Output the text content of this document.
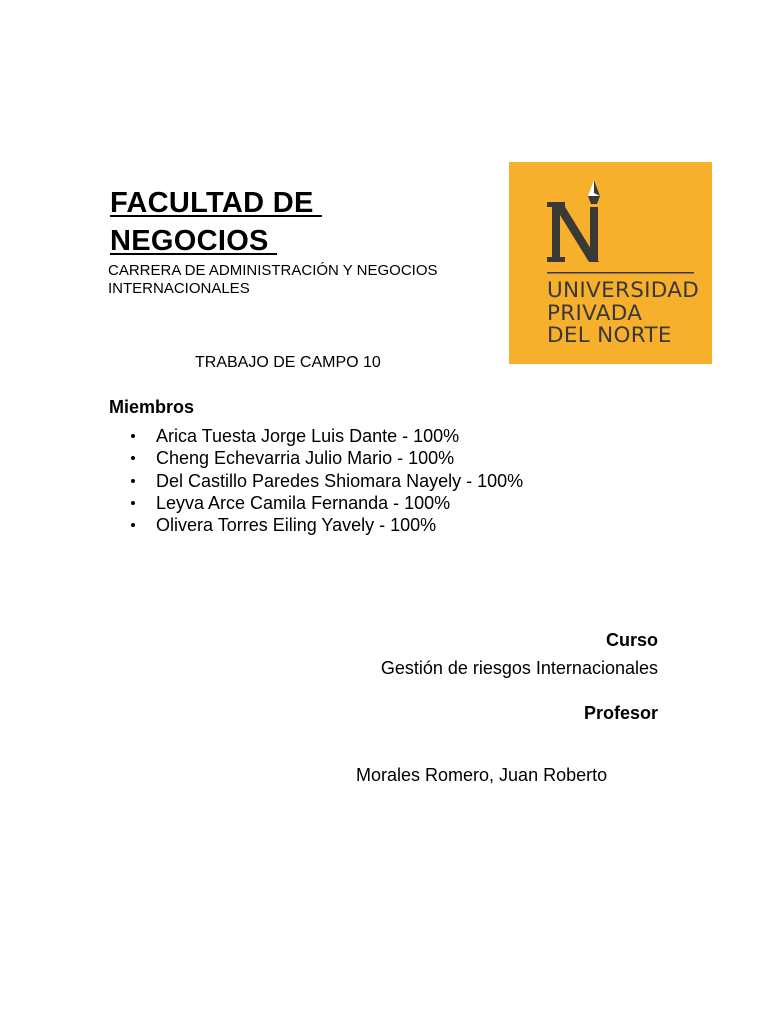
FACULTAD DE
NEGOCIOS
CARRERA DE ADMINISTRACIÓN Y NEGOCIOS
INTERNACIONALES	UNIVERSIDAD
PRIVADA
DEL NORTE
TRABAJO DE CAMPO 10
Miembros
Arica Tuesta Jorge Luis Dante - 100%
Cheng Echevarria Julio Mario - 100%
Del Castillo Paredes Shiomara Nayely - 100%
Leyva Arce Camila Fernanda - 100%
Olivera Torres Eiling Yavely - 100%
Curso
Gestión de riesgos Internacionales
Profesor
Morales Romero, Juan Roberto
